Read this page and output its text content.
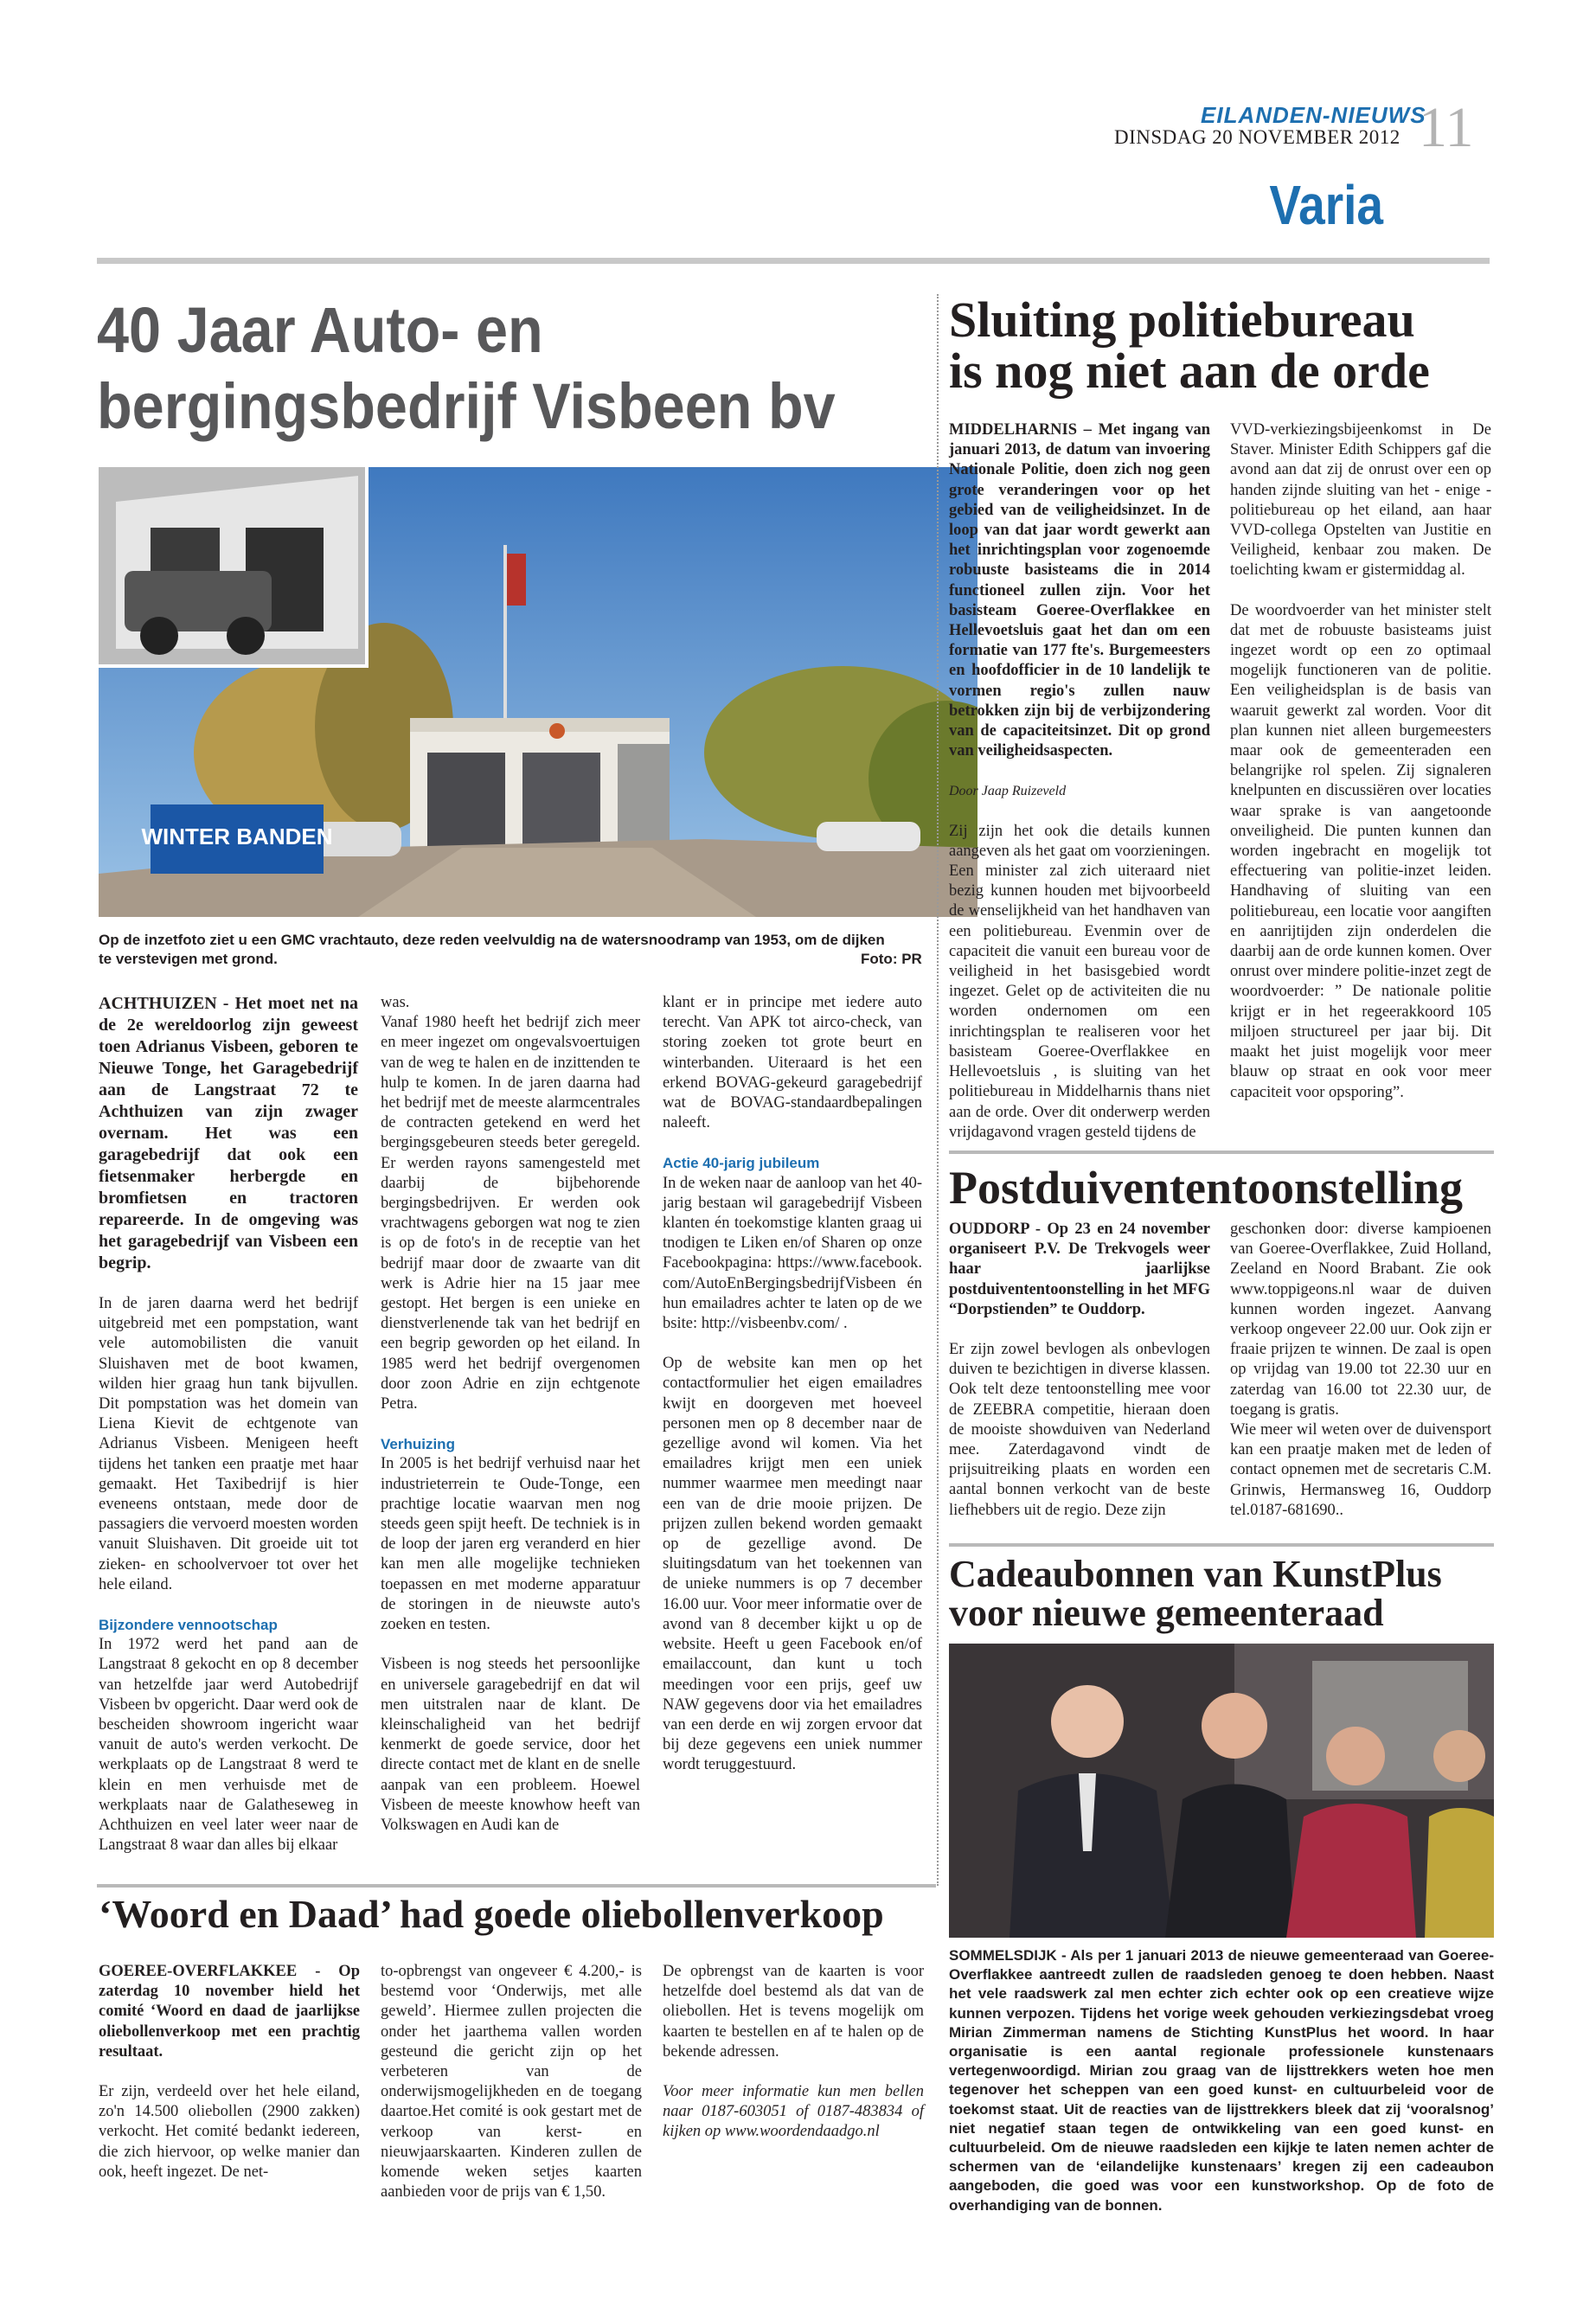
EILANDEN-NIEUWS
DINSDAG 20 NOVEMBER 2012 11
Varia
40 Jaar Auto- en
bergingsbedrijf Visbeen bv
WINTER BANDEN
Op de inzetfoto ziet u een GMC vrachtauto, deze reden veelvuldig na de watersnoodramp van 1953, om de dijken te verstevigen met grond.	Foto: PR

ACHTHUIZEN - Het moet net na de 2e wereldoorlog zijn geweest toen Adrianus Visbeen, geboren te Nieuwe Tonge, het Garagebedrijf aan de Langstraat 72 te Achthuizen van zijn zwager overnam. Het was een garagebedrijf dat ook een fietsenmaker herbergde en bromfietsen en tractoren repareerde. In de omgeving was het garagebedrijf van Visbeen een begrip.

In de jaren daarna werd het bedrijf uitgebreid met een pompstation, want vele automobilisten die vanuit Sluishaven met de boot kwamen, wilden hier graag hun tank bijvullen. Dit pompstation was het domein van Liena Kievit de echtgenote van Adrianus Visbeen. Menigeen heeft tijdens het tanken een praatje met haar gemaakt. Het Taxibedrijf is hier eveneens ontstaan, mede door de passagiers die vervoerd moesten worden vanuit Sluishaven. Dit groeide uit tot zieken- en schoolvervoer tot over het hele eiland.

Bijzondere vennootschap

In 1972 werd het pand aan de Langstraat 8 gekocht en op 8 december van hetzelfde jaar werd Autobedrijf Visbeen bv opgericht. Daar werd ook de bescheiden showroom ingericht waar vanuit de auto's werden verkocht. De werkplaats op de Langstraat 8 werd te klein en men verhuisde met de werkplaats naar de Galatheseweg in Achthuizen en veel later weer naar de Langstraat 8 waar dan alles bij elkaar

was.
Vanaf 1980 heeft het bedrijf zich meer en meer ingezet om ongevalsvoertuigen van de weg te halen en de inzittenden te hulp te komen. In de jaren daarna had het bedrijf met de meeste alarmcentrales de contracten getekend en werd het bergingsgebeuren steeds beter geregeld. Er werden rayons samengesteld met daarbij de bijbehorende bergingsbedrijven. Er werden ook vrachtwagens geborgen wat nog te zien is op de foto's in de receptie van het bedrijf maar door de zwaarte van dit werk is Adrie hier na 15 jaar mee gestopt. Het bergen is een unieke en dienstverlenende tak van het bedrijf en een begrip geworden op het eiland. In 1985 werd het bedrijf overgenomen door zoon Adrie en zijn echtgenote Petra.

Verhuizing

In 2005 is het bedrijf verhuisd naar het industrieterrein te Oude-Tonge, een prachtige locatie waarvan men nog steeds geen spijt heeft. De techniek is in de loop der jaren erg veranderd en hier kan men alle mogelijke technieken toepassen en met moderne apparatuur de storingen in de nieuwste auto's zoeken en testen.

Visbeen is nog steeds het persoonlijke en universele garagebedrijf en dat wil men uitstralen naar de klant. De kleinschaligheid van het bedrijf kenmerkt de goede service, door het directe contact met de klant en de snelle aanpak van een probleem. Hoewel Visbeen de meeste knowhow heeft van Volkswagen en Audi kan de

klant er in principe met iedere auto terecht. Van APK tot airco-check, van storing zoeken tot grote beurt en winterbanden. Uiteraard is het een erkend BOVAG-gekeurd garagebedrijf wat de BOVAG-standaardbepalingen naleeft.

Actie 40-jarig jubileum

In de weken naar de aanloop van het 40-jarig bestaan wil garagebedrijf Visbeen klanten én toekomstige klanten graag uitnodigen te Liken en/of Sharen op onze Facebookpagina: https://www.facebook.com/AutoEnBergingsbedrijfVisbeen én hun emailadres achter te laten op de website: http://visbeenbv.com/ .

Op de website kan men op het contactformulier het eigen emailadres kwijt en doorgeven met hoeveel personen men op 8 december naar de gezellige avond wil komen. Via het emailadres krijgt men een uniek nummer waarmee men meedingt naar een van de drie mooie prijzen. De prijzen zullen bekend worden gemaakt op de gezellige avond. De sluitingsdatum van het toekennen van de unieke nummers is op 7 december 16.00 uur. Voor meer informatie over de avond van 8 december kijkt u op de website. Heeft u geen Facebook en/of emailaccount, dan kunt u toch meedingen voor een prijs, geef uw NAW gegevens door via het emailadres van een derde en wij zorgen ervoor dat bij deze gegevens een uniek nummer wordt teruggestuurd.

Sluiting politiebureau
is nog niet aan de orde

MIDDELHARNIS – Met ingang van januari 2013, de datum van invoering Nationale Politie, doen zich nog geen grote veranderingen voor op het gebied van de veiligheidsinzet. In de loop van dat jaar wordt gewerkt aan het inrichtingsplan voor zogenoemde robuuste basisteams die in 2014 functioneel zullen zijn. Voor het basisteam Goeree-Overflakkee en Hellevoetsluis gaat het dan om een formatie van 177 fte's. Burgemeesters en hoofdofficier in de 10 landelijk te vormen regio's zullen nauw betrokken zijn bij de verbijzondering van de capaciteitsinzet. Dit op grond van veiligheidsaspecten.

Door Jaap Ruizeveld

Zij zijn het ook die details kunnen aangeven als het gaat om voorzieningen. Een minister zal zich uiteraard niet bezig kunnen houden met bijvoorbeeld de wenselijkheid van het handhaven van een politiebureau. Evenmin over de capaciteit die vanuit een bureau voor de veiligheid in het basisgebied wordt ingezet. Gelet op de activiteiten die nu worden ondernomen om een inrichtingsplan te realiseren voor het basisteam Goeree-Overflakkee en Hellevoetsluis , is sluiting van het politiebureau in Middelharnis thans niet aan de orde. Over dit onderwerp werden vrijdagavond vragen gesteld tijdens de

VVD-verkiezingsbijeenkomst in De Staver. Minister Edith Schippers gaf die avond aan dat zij de onrust over een op handen zijnde sluiting van het - enige - politiebureau op het eiland, aan haar VVD-collega Opstelten van Justitie en Veiligheid, kenbaar zou maken. De toelichting kwam er gistermiddag al.

De woordvoerder van het minister stelt dat met de robuuste basisteams juist ingezet wordt op een zo optimaal mogelijk functioneren van de politie. Een veiligheidsplan is de basis van waaruit gewerkt zal worden. Voor dit plan kunnen niet alleen burgemeesters maar ook de gemeenteraden een belangrijke rol spelen. Zij signaleren knelpunten en discussiëren over locaties waar sprake is van aangetoonde onveiligheid. Die punten kunnen dan worden ingebracht en mogelijk tot effectuering van politie-inzet leiden. Handhaving of sluiting van een politiebureau, een locatie voor aangiften en aanrijtijden zijn onderdelen die daarbij aan de orde kunnen komen. Over onrust over mindere politie-inzet zegt de woordvoerder: ” De nationale politie krijgt er in het regeerakkoord 105 miljoen structureel per jaar bij. Dit maakt het juist mogelijk voor meer blauw op straat en ook voor meer capaciteit voor opsporing”.

Postduivententoonstelling

OUDDORP - Op 23 en 24 november organiseert P.V. De Trekvogels weer haar jaarlijkse postduivententoonstelling in het MFG “Dorpstienden” te Ouddorp.

Er zijn zowel bevlogen als onbevlogen duiven te bezichtigen in diverse klassen. Ook telt deze tentoonstelling mee voor de ZEEBRA competitie, hieraan doen de mooiste showduiven van Nederland mee. Zaterdagavond vindt de prijsuitreiking plaats en worden een aantal bonnen verkocht van de beste liefhebbers uit de regio. Deze zijn

geschonken door: diverse kampioenen van Goeree-Overflakkee, Zuid Holland, Zeeland en Noord Brabant. Zie ook www.toppigeons.nl waar de duiven kunnen worden ingezet. Aanvang verkoop ongeveer 22.00 uur. Ook zijn er fraaie prijzen te winnen. De zaal is open op vrijdag van 19.00 tot 22.30 uur en zaterdag van 16.00 tot 22.30 uur, de toegang is gratis.
Wie meer wil weten over de duivensport kan een praatje maken met de leden of contact opnemen met de secretaris C.M. Grinwis, Hermansweg 16, Ouddorp tel.0187-681690..

Cadeaubonnen van KunstPlus
voor nieuwe gemeenteraad
SOMMELSDIJK - Als per 1 januari 2013 de nieuwe gemeenteraad van Goeree-Overflakkee aantreedt zullen de raadsleden genoeg te doen hebben. Naast het vele raadswerk zal men echter zich echter ook op een creatieve wijze kunnen verpozen. Tijdens het vorige week gehouden verkiezingsdebat vroeg Mirian Zimmerman namens de Stichting KunstPlus het woord. In haar organisatie is een aantal regionale professionele kunstenaars vertegenwoordigd. Mirian zou graag van de lijsttrekkers weten hoe men tegenover het scheppen van een goed kunst- en cultuurbeleid voor de toekomst staat. Uit de reacties van de lijsttrekkers bleek dat zij ‘vooralsnog’ niet negatief staan tegen de ontwikkeling van een goed kunst- en cultuurbeleid. Om de nieuwe raadsleden een kijkje te laten nemen achter de schermen van de ‘eilandelijke kunstenaars’ kregen zij een cadeaubon aangeboden, die goed was voor een kunstworkshop. Op de foto de overhandiging van de bonnen.
‘Woord en Daad’ had goede oliebollenverkoop

GOEREE-OVERFLAKKEE - Op zaterdag 10 november hield het comité ‘Woord en daad de jaarlijkse oliebollenverkoop met een prachtig resultaat.

Er zijn, verdeeld over het hele eiland, zo'n 14.500 oliebollen (2900 zakken) verkocht. Het comité bedankt iedereen, die zich hiervoor, op welke manier dan ook, heeft ingezet. De net-

to-opbrengst van ongeveer € 4.200,- is bestemd voor ‘Onderwijs, met alle geweld’. Hiermee zullen projecten die onder het jaarthema vallen worden gesteund die gericht zijn op het verbeteren van de onderwijsmogelijkheden en de toegang daartoe.Het comité is ook gestart met de verkoop van kerst- en nieuwjaarskaarten. Kinderen zullen de komende weken setjes kaarten aanbieden voor de prijs van € 1,50.

De opbrengst van de kaarten is voor hetzelfde doel bestemd als dat van de oliebollen. Het is tevens mogelijk om kaarten te bestellen en af te halen op de bekende adressen.

Voor meer informatie kun men bellen naar 0187-603051 of 0187-483834 of kijken op www.woordendaadgo.nl
